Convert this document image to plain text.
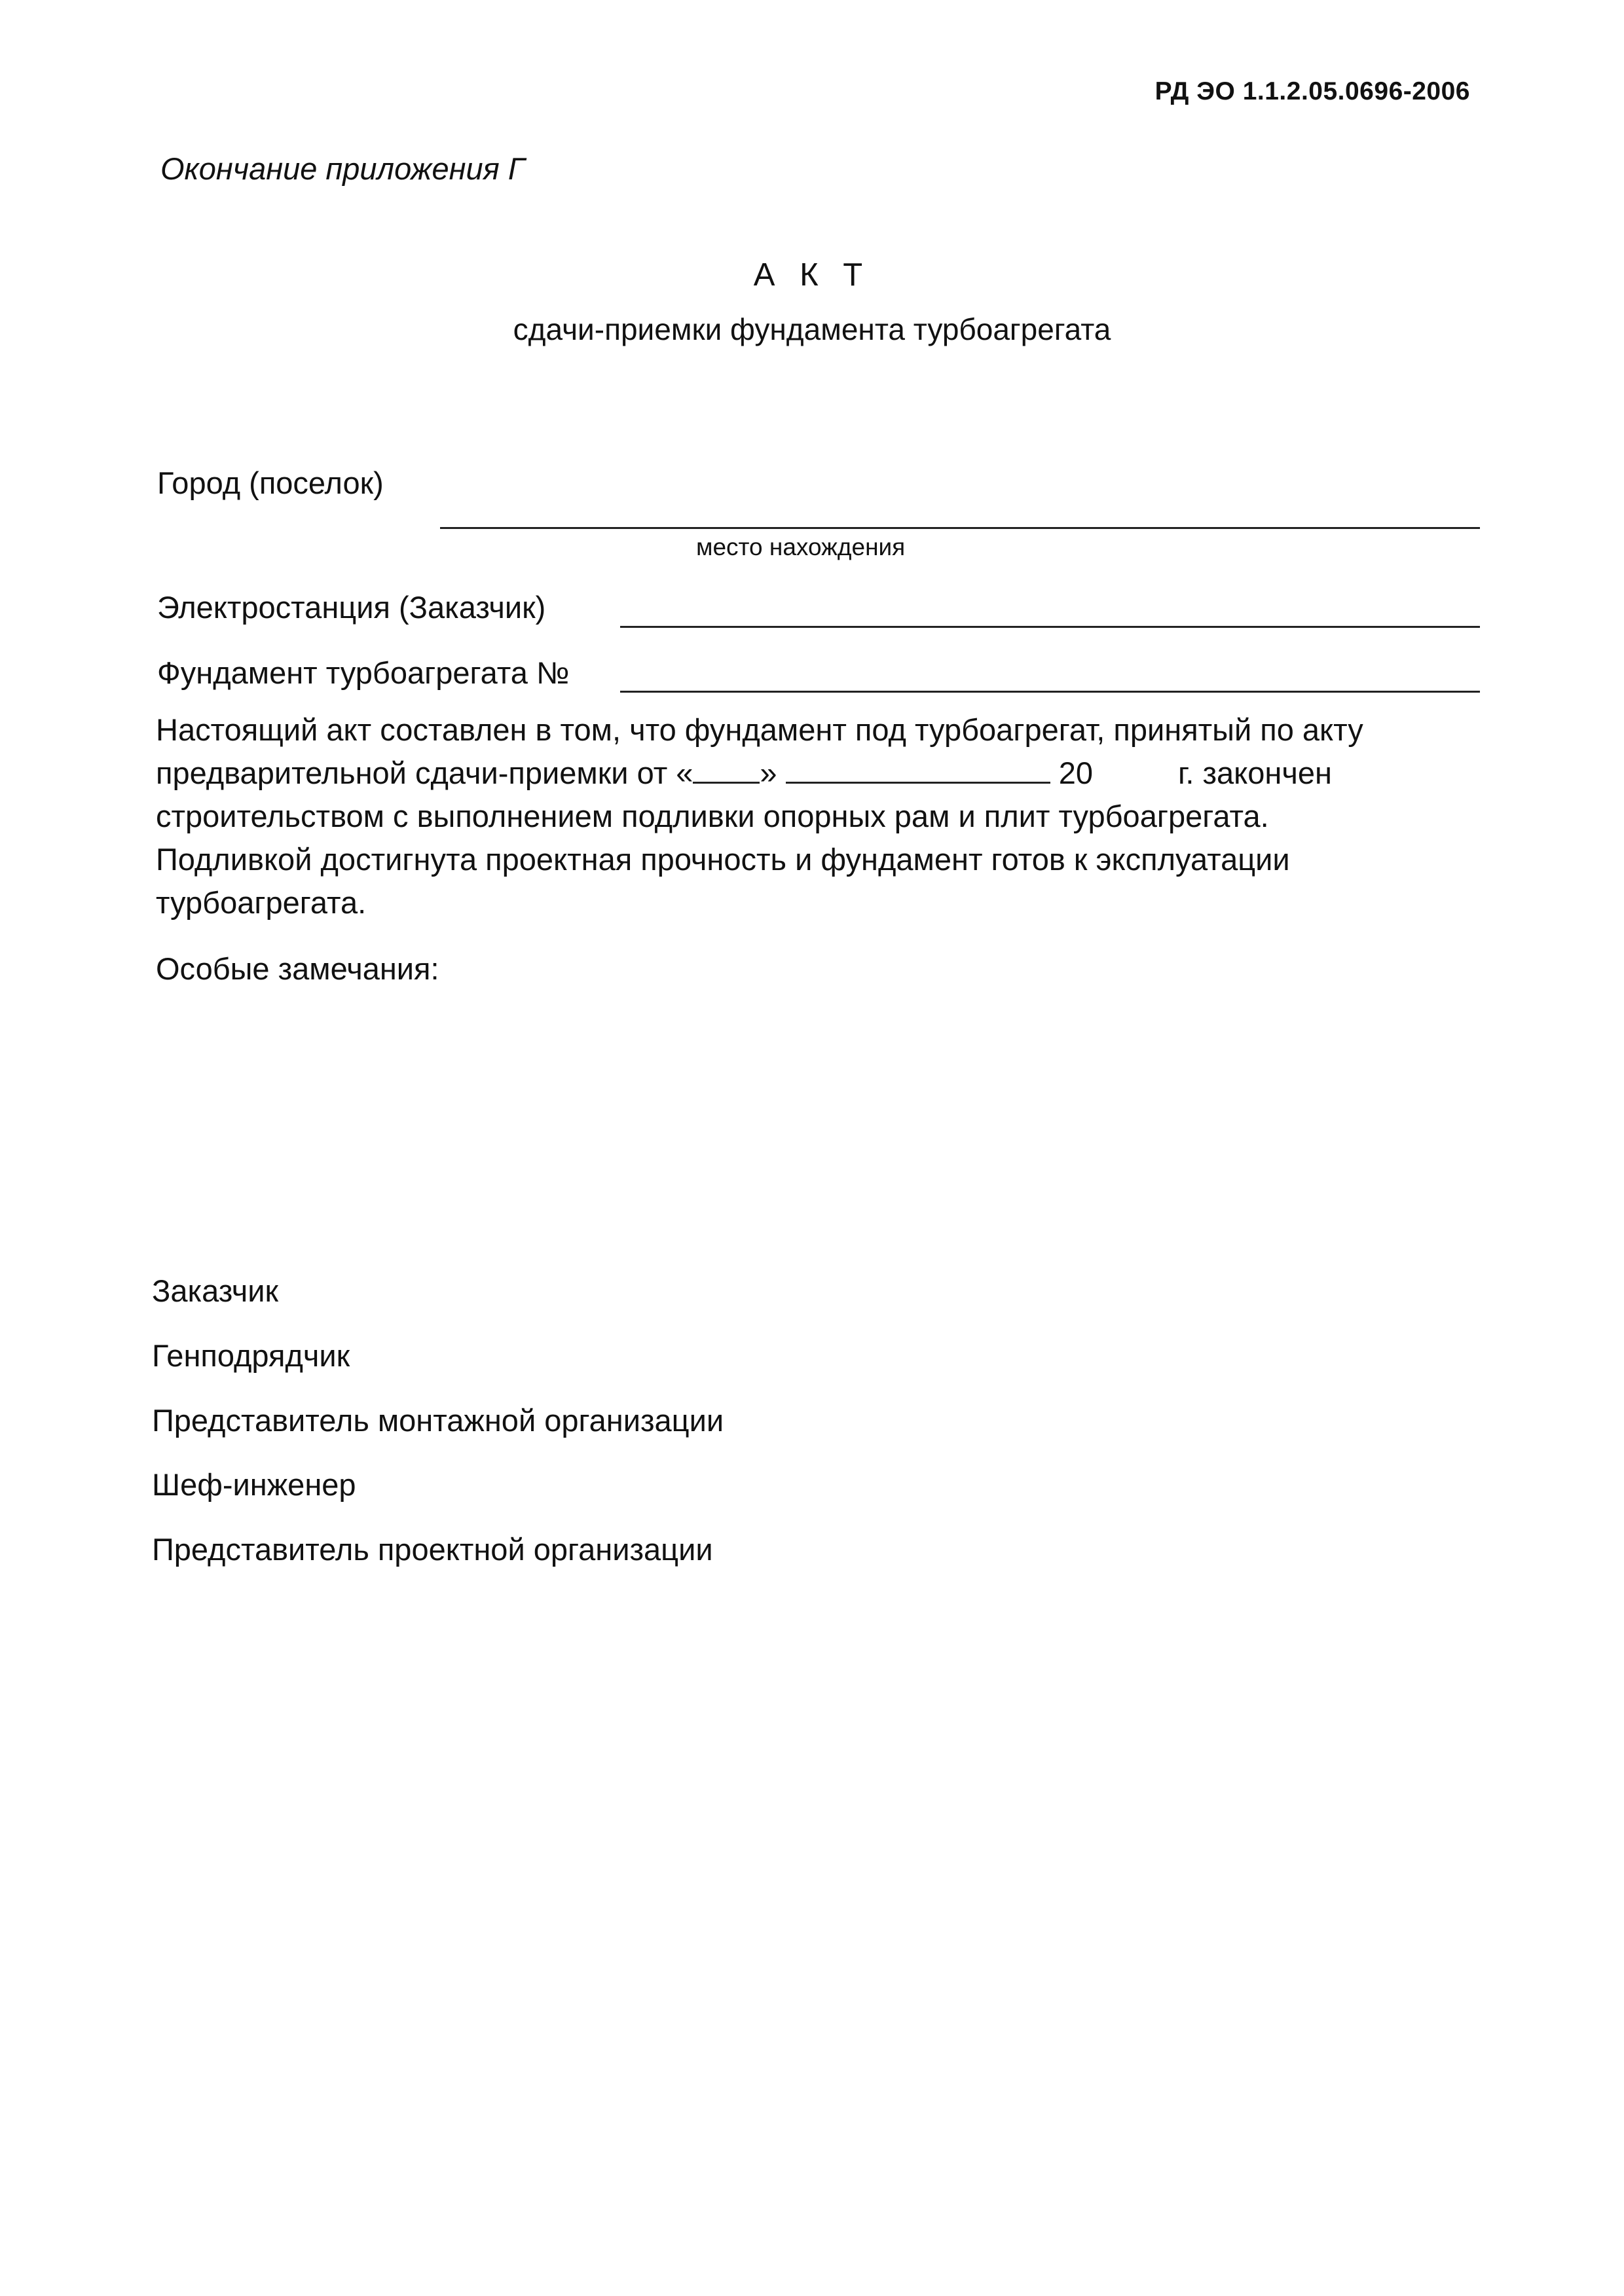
РД ЭО 1.1.2.05.0696-2006
Окончание приложения Г
А К Т
сдачи-приемки фундамента турбоагрегата
Город (поселок)
место нахождения
Электростанция (Заказчик)
Фундамент турбоагрегата №
Настоящий акт составлен в том, что фундамент под турбоагрегат, принятый по акту
предварительной сдачи-приемки от « »	20	г. закончен
строительством с выполнением подливки опорных рам и плит турбоагрегата.
Подливкой достигнута проектная прочность и фундамент готов к эксплуатации
турбоагрегата.
Особые замечания:
Заказчик
Генподрядчик
Представитель монтажной организации
Шеф-инженер
Представитель проектной организации
